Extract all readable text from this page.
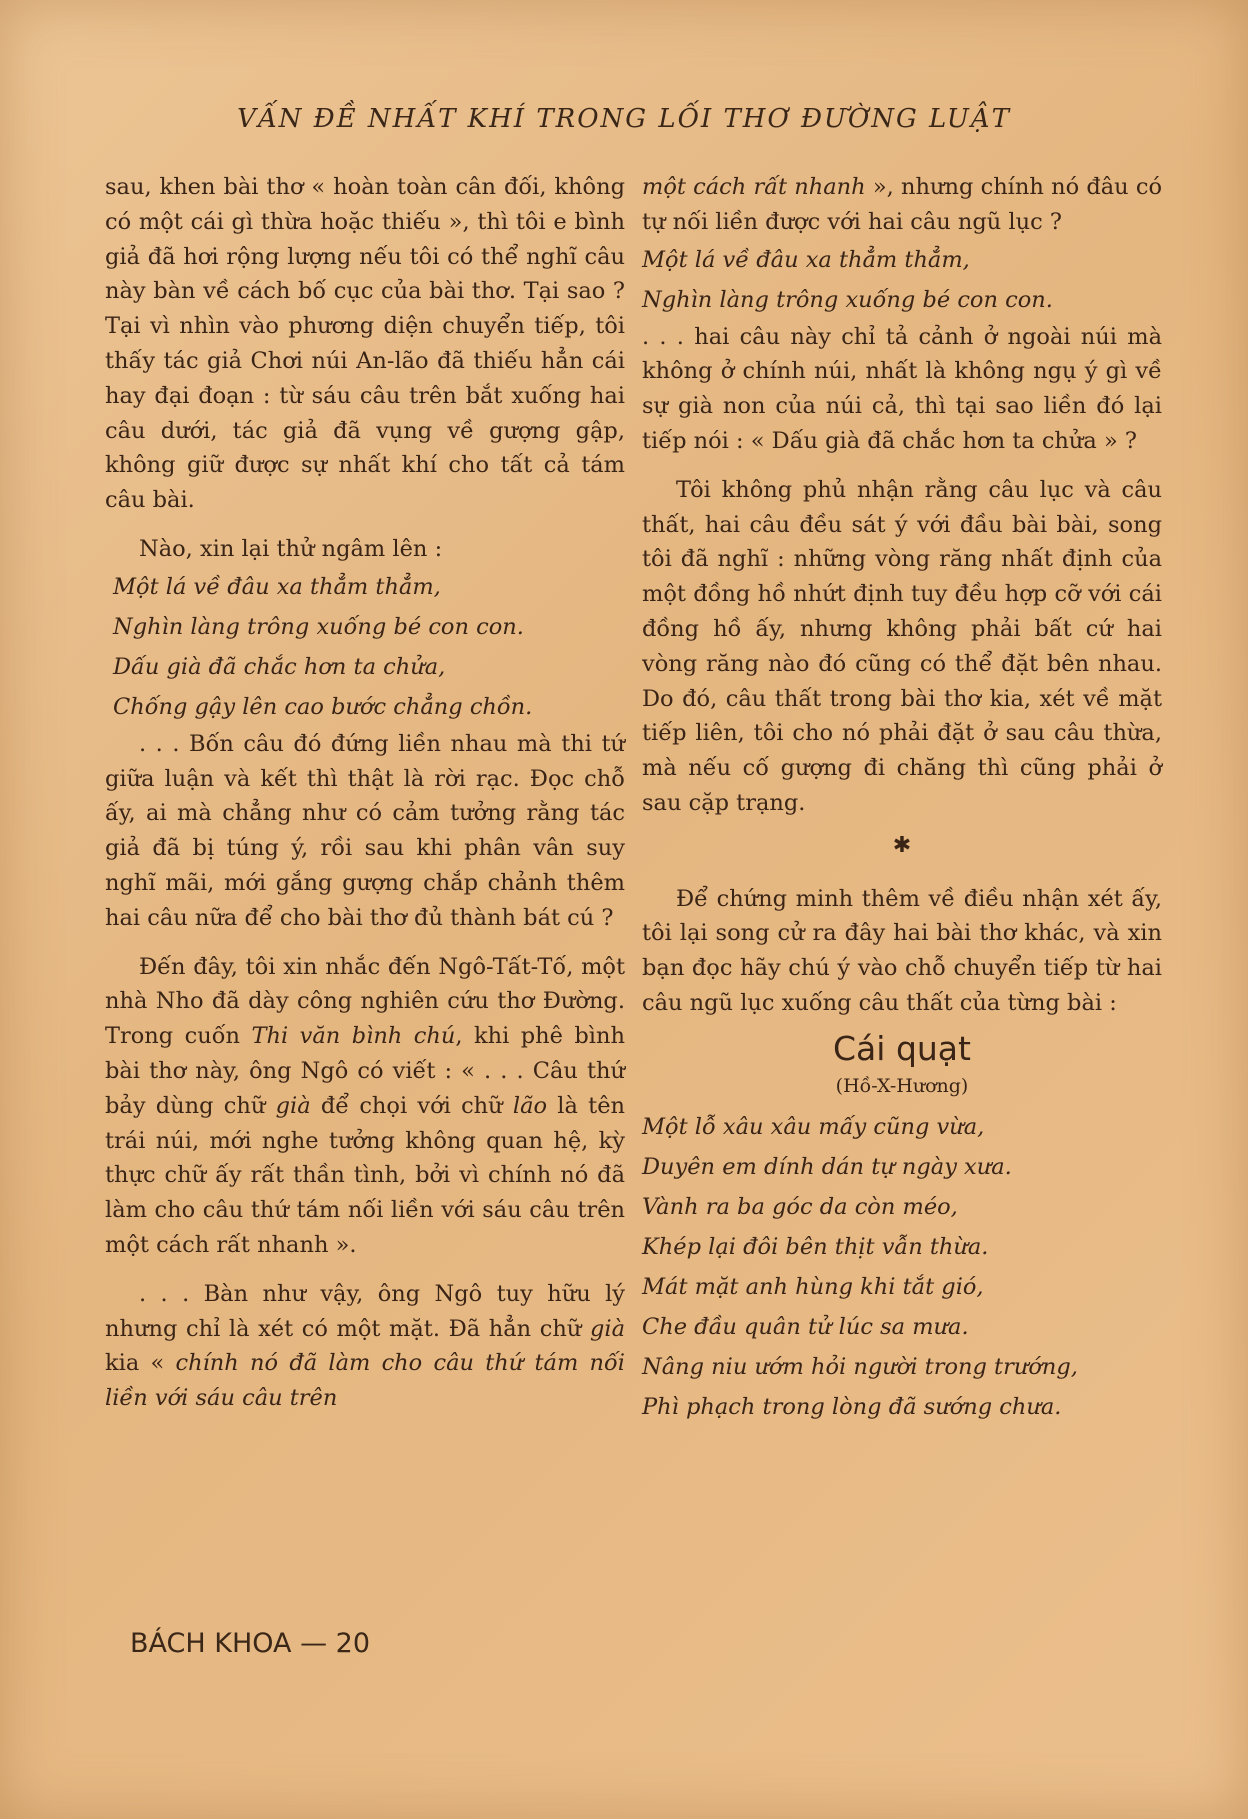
VẤN ĐỀ NHẤT KHÍ TRONG LỐI THƠ ĐƯỜNG LUẬT

sau, khen bài thơ « hoàn toàn cân đối, không có một cái gì thừa hoặc thiếu », thì tôi e bình giả đã hơi rộng lượng nếu tôi có thể nghĩ câu này bàn về cách bố cục của bài thơ. Tại sao ? Tại vì nhìn vào phương diện chuyển tiếp, tôi thấy tác giả Chơi núi An-lão đã thiếu hẳn cái hay đại đoạn : từ sáu câu trên bắt xuống hai câu dưới, tác giả đã vụng về gượng gập, không giữ được sự nhất khí cho tất cả tám câu bài.

Nào, xin lại thử ngâm lên :

Một lá về đâu xa thẳm thẳm,
Nghìn làng trông xuống bé con con.
Dấu già đã chắc hơn ta chửa,
Chống gậy lên cao bước chẳng chồn.

. . . Bốn câu đó đứng liền nhau mà thi tứ giữa luận và kết thì thật là rời rạc. Đọc chỗ ấy, ai mà chẳng như có cảm tưởng rằng tác giả đã bị túng ý, rồi sau khi phân vân suy nghĩ mãi, mới gắng gượng chắp chảnh thêm hai câu nữa để cho bài thơ đủ thành bát cú ?

Đến đây, tôi xin nhắc đến Ngô-Tất-Tố, một nhà Nho đã dày công nghiên cứu thơ Đường. Trong cuốn Thi văn bình chú, khi phê bình bài thơ này, ông Ngô có viết : « . . . Câu thứ bảy dùng chữ già để chọi với chữ lão là tên trái núi, mới nghe tưởng không quan hệ, kỳ thực chữ ấy rất thần tình, bởi vì chính nó đã làm cho câu thứ tám nối liền với sáu câu trên một cách rất nhanh ».

. . . Bàn như vậy, ông Ngô tuy hữu lý nhưng chỉ là xét có một mặt. Đã hẳn chữ già kia « chính nó đã làm cho câu thứ tám nối liền với sáu câu trên

một cách rất nhanh », nhưng chính nó đâu có tự nối liền được với hai câu ngũ lục ?

Một lá về đâu xa thẳm thẳm,
Nghìn làng trông xuống bé con con.

. . . hai câu này chỉ tả cảnh ở ngoài núi mà không ở chính núi, nhất là không ngụ ý gì về sự già non của núi cả, thì tại sao liền đó lại tiếp nói : « Dấu già đã chắc hơn ta chửa » ?

Tôi không phủ nhận rằng câu lục và câu thất, hai câu đều sát ý với đầu bài bài, song tôi đã nghĩ : những vòng răng nhất định của một đồng hồ nhứt định tuy đều hợp cỡ với cái đồng hồ ấy, nhưng không phải bất cứ hai vòng răng nào đó cũng có thể đặt bên nhau. Do đó, câu thất trong bài thơ kia, xét về mặt tiếp liên, tôi cho nó phải đặt ở sau câu thừa, mà nếu cố gượng đi chăng thì cũng phải ở sau cặp trạng.

✱

Để chứng minh thêm về điều nhận xét ấy, tôi lại song cử ra đây hai bài thơ khác, và xin bạn đọc hãy chú ý vào chỗ chuyển tiếp từ hai câu ngũ lục xuống câu thất của từng bài :

Cái quạt
(Hồ-X-Hương)
Một lỗ xâu xâu mấy cũng vừa,
Duyên em dính dán tự ngày xưa.
Vành ra ba góc da còn méo,
Khép lại đôi bên thịt vẫn thừa.
Mát mặt anh hùng khi tắt gió,
Che đầu quân tử lúc sa mưa.
Nâng niu ướm hỏi người trong trướng,
Phì phạch trong lòng đã sướng chưa.
BÁCH KHOA — 20
